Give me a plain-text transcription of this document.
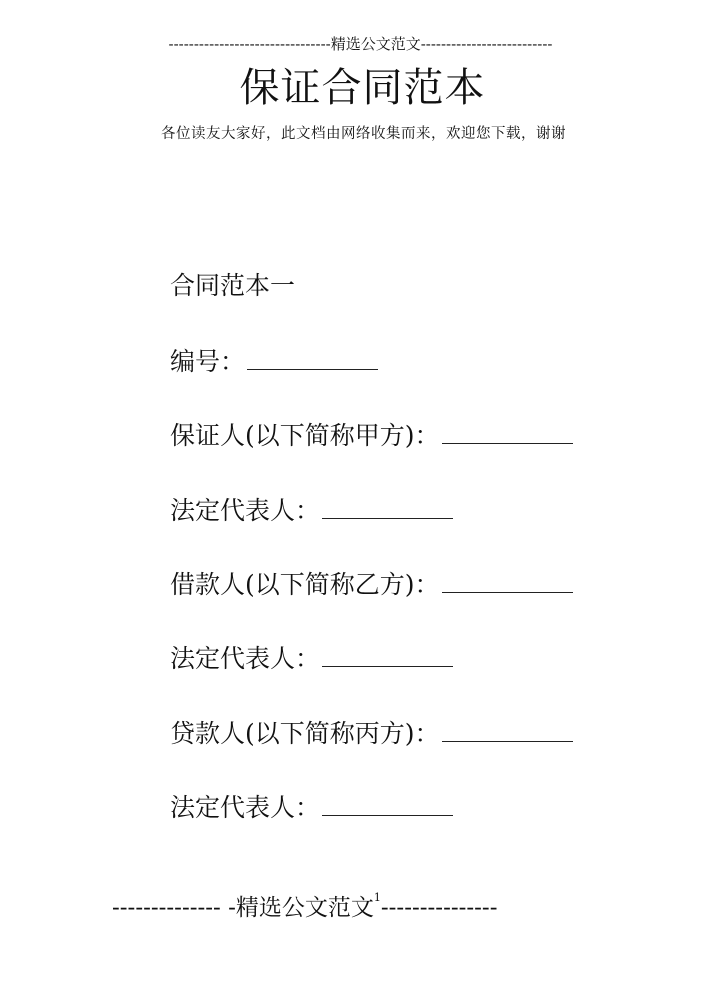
--------------------------------精选公文范文--------------------------
保证合同范本
各位读友大家好，此文档由网络收集而来，欢迎您下载，谢谢
合同范本一
编号：
保证人(以下简称甲方)：
法定代表人：
借款人(以下简称乙方)：
法定代表人：
贷款人(以下简称丙方)：
法定代表人：
-------------- -精选公文范文$^1$---------------
